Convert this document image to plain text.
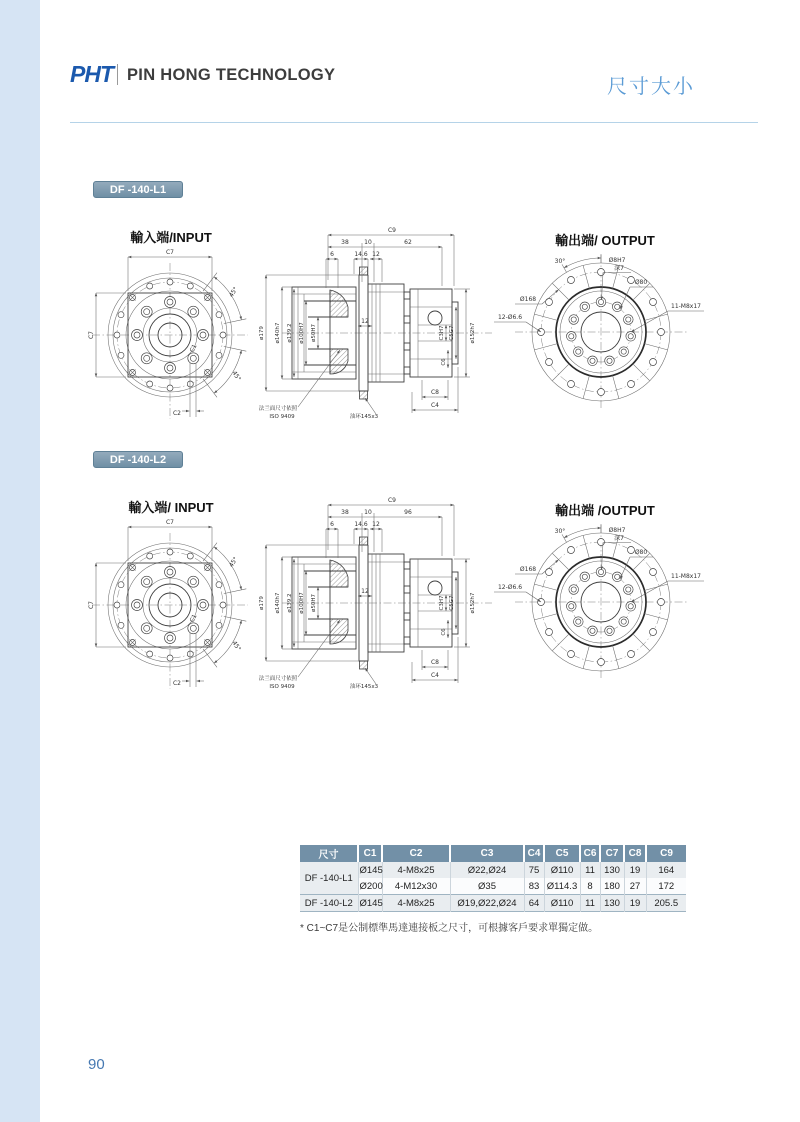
PHT PIN HONG TECHNOLOGY
尺寸大小
DF -140-L1
輸入端/INPUT	輸出端/ OUTPUT
C7
C7
C2
C1
45°
45°
C9
38	10	62
6	14.6 12
ø179 ø140h7 ø139.2 ø100H7 ø50H7
12
C3H7 C5G7	ø152h7
C6
C8
C4
法兰面尺寸依照
ISO 9409	油环145x3
30°	Ø8H7
深7
Ø80
Ø168
12-Ø6.6
11-M8x17
DF -140-L2
輸入端/ INPUT	輸出端 /OUTPUT
C7
C7
C2
C1
45°
45°
C9
38	10	96
6	14.6 12
ø179 ø140h7 ø139.2 ø100H7 ø50H7
12
C3H7 C5G7	ø152h7
C6
C8
C4
法兰面尺寸依照
ISO 9409	油环145x3
30°	Ø8H7
深7
Ø80
Ø168
12-Ø6.6
11-M8x17
尺寸	C1	C2	C3	C4	C5	C6	C7	C8	C9
DF -140-L1	Ø145	4-M8x25	Ø22,Ø24	75	Ø110	11	130	19	164
	Ø200	4-M12x30	Ø35	83	Ø114.3	8	180	27	172
DF -140-L2	Ø145	4-M8x25	Ø19,Ø22,Ø24	64	Ø110	11	130	19	205.5
* C1~C7是公制標準馬達連接板之尺寸，可根據客戶要求單獨定做。
90
